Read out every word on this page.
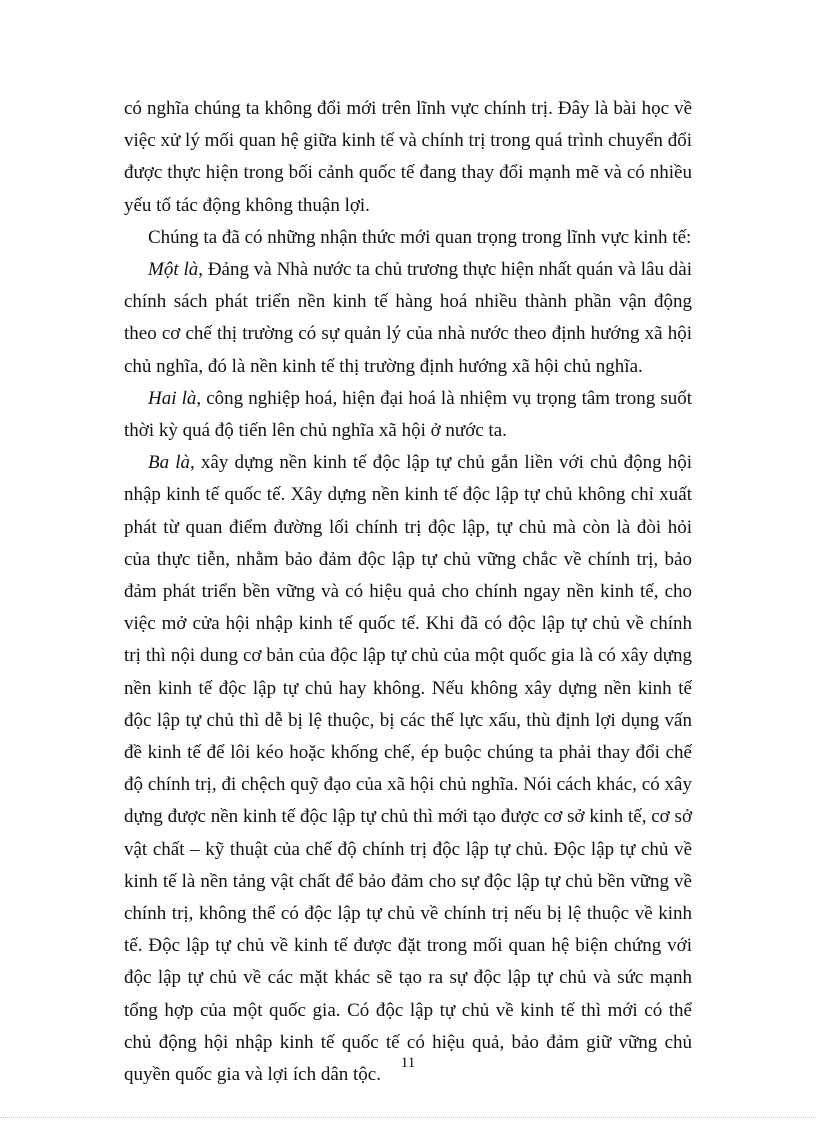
có nghĩa chúng ta không đổi mới trên lĩnh vực chính trị. Đây là bài học về việc xử lý mối quan hệ giữa kinh tế và chính trị trong quá trình chuyển đổi được thực hiện trong bối cảnh quốc tế đang thay đổi mạnh mẽ và có nhiều yếu tố tác động không thuận lợi.

Chúng ta đã có những nhận thức mới quan trọng trong lĩnh vực kinh tế:

Một là, Đảng và Nhà nước ta chủ trương thực hiện nhất quán và lâu dài chính sách phát triển nền kinh tế hàng hoá nhiều thành phần vận động theo cơ chế thị trường có sự quản lý của nhà nước theo định hướng xã hội chủ nghĩa, đó là nền kinh tế thị trường định hướng xã hội chủ nghĩa.

Hai là, công nghiệp hoá, hiện đại hoá là nhiệm vụ trọng tâm trong suốt thời kỳ quá độ tiến lên chủ nghĩa xã hội ở nước ta.

Ba là, xây dựng nền kinh tế độc lập tự chủ gắn liền với chủ động hội nhập kinh tế quốc tế. Xây dựng nền kinh tế độc lập tự chủ không chỉ xuất phát từ quan điểm đường lối chính trị độc lập, tự chủ mà còn là đòi hỏi của thực tiễn, nhằm bảo đảm độc lập tự chủ vững chắc về chính trị, bảo đảm phát triển bền vững và có hiệu quả cho chính ngay nền kinh tế, cho việc mở cửa hội nhập kinh tế quốc tế. Khi đã có độc lập tự chủ về chính trị thì nội dung cơ bản của độc lập tự chủ của một quốc gia là có xây dựng nền kinh tế độc lập tự chủ hay không. Nếu không xây dựng nền kinh tế độc lập tự chủ thì dễ bị lệ thuộc, bị các thế lực xấu, thù định lợi dụng vấn đề kinh tế để lôi kéo hoặc khống chế, ép buộc chúng ta phải thay đổi chế độ chính trị, đi chệch quỹ đạo của xã hội chủ nghĩa. Nói cách khác, có xây dựng được nền kinh tế độc lập tự chủ thì mới tạo được cơ sở kinh tế, cơ sở vật chất – kỹ thuật của chế độ chính trị độc lập tự chủ. Độc lập tự chủ về kinh tế là nền tảng vật chất để bảo đảm cho sự độc lập tự chủ bền vững về chính trị, không thể có độc lập tự chủ về chính trị nếu bị lệ thuộc về kinh tế. Độc lập tự chủ về kinh tế được đặt trong mối quan hệ biện chứng với độc lập tự chủ về các mặt khác sẽ tạo ra sự độc lập tự chủ và sức mạnh tổng hợp của một quốc gia. Có độc lập tự chủ về kinh tế thì mới có thể chủ động hội nhập kinh tế quốc tế có hiệu quả, bảo đảm giữ vững chủ quyền quốc gia và lợi ích dân tộc.

11
